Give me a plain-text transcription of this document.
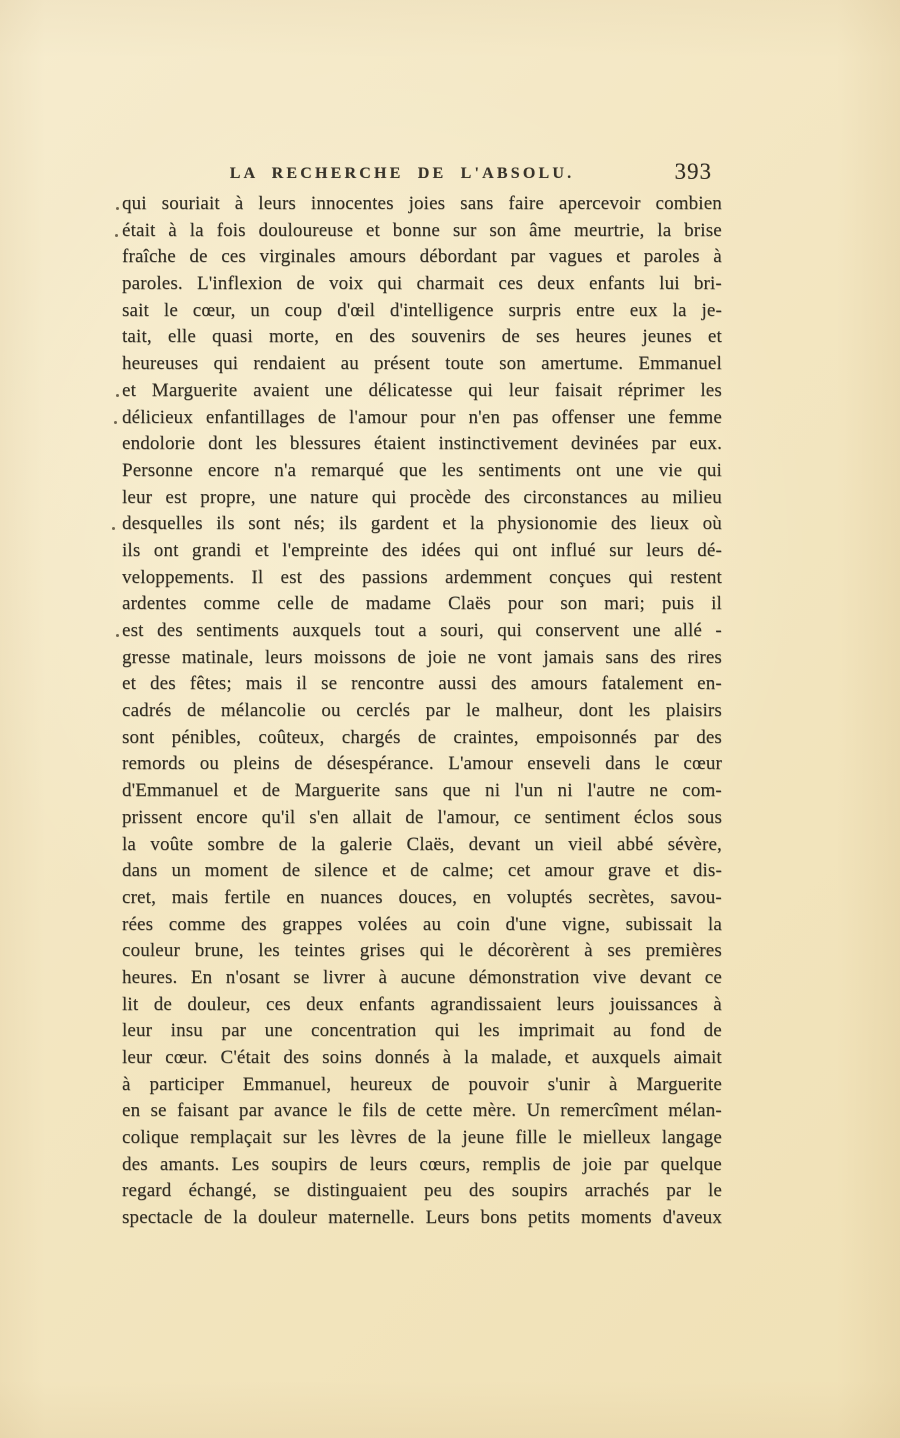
LA RECHERCHE DE L'ABSOLU.	393
qui souriait à leurs innocentes joies sans faire apercevoir combien
était à la fois douloureuse et bonne sur son âme meurtrie, la brise
fraîche de ces virginales amours débordant par vagues et paroles à
paroles. L'inflexion de voix qui charmait ces deux enfants lui bri-
sait le cœur, un coup d'œil d'intelligence surpris entre eux la je-
tait, elle quasi morte, en des souvenirs de ses heures jeunes et
heureuses qui rendaient au présent toute son amertume. Emmanuel
et Marguerite avaient une délicatesse qui leur faisait réprimer les
délicieux enfantillages de l'amour pour n'en pas offenser une femme
endolorie dont les blessures étaient instinctivement devinées par eux.
Personne encore n'a remarqué que les sentiments ont une vie qui
leur est propre, une nature qui procède des circonstances au milieu
desquelles ils sont nés; ils gardent et la physionomie des lieux où
ils ont grandi et l'empreinte des idées qui ont influé sur leurs dé-
veloppements. Il est des passions ardemment conçues qui restent
ardentes comme celle de madame Claës pour son mari; puis il
est des sentiments auxquels tout a souri, qui conservent une allé -
gresse matinale, leurs moissons de joie ne vont jamais sans des rires
et des fêtes; mais il se rencontre aussi des amours fatalement en-
cadrés de mélancolie ou cerclés par le malheur, dont les plaisirs
sont pénibles, coûteux, chargés de craintes, empoisonnés par des
remords ou pleins de désespérance. L'amour enseveli dans le cœur
d'Emmanuel et de Marguerite sans que ni l'un ni l'autre ne com-
prissent encore qu'il s'en allait de l'amour, ce sentiment éclos sous
la voûte sombre de la galerie Claës, devant un vieil abbé sévère,
dans un moment de silence et de calme; cet amour grave et dis-
cret, mais fertile en nuances douces, en voluptés secrètes, savou-
rées comme des grappes volées au coin d'une vigne, subissait la
couleur brune, les teintes grises qui le décorèrent à ses premières
heures. En n'osant se livrer à aucune démonstration vive devant ce
lit de douleur, ces deux enfants agrandissaient leurs jouissances à
leur insu par une concentration qui les imprimait au fond de
leur cœur. C'était des soins donnés à la malade, et auxquels aimait
à participer Emmanuel, heureux de pouvoir s'unir à Marguerite
en se faisant par avance le fils de cette mère. Un remercîment mélan-
colique remplaçait sur les lèvres de la jeune fille le mielleux langage
des amants. Les soupirs de leurs cœurs, remplis de joie par quelque
regard échangé, se distinguaient peu des soupirs arrachés par le
spectacle de la douleur maternelle. Leurs bons petits moments d'aveux
